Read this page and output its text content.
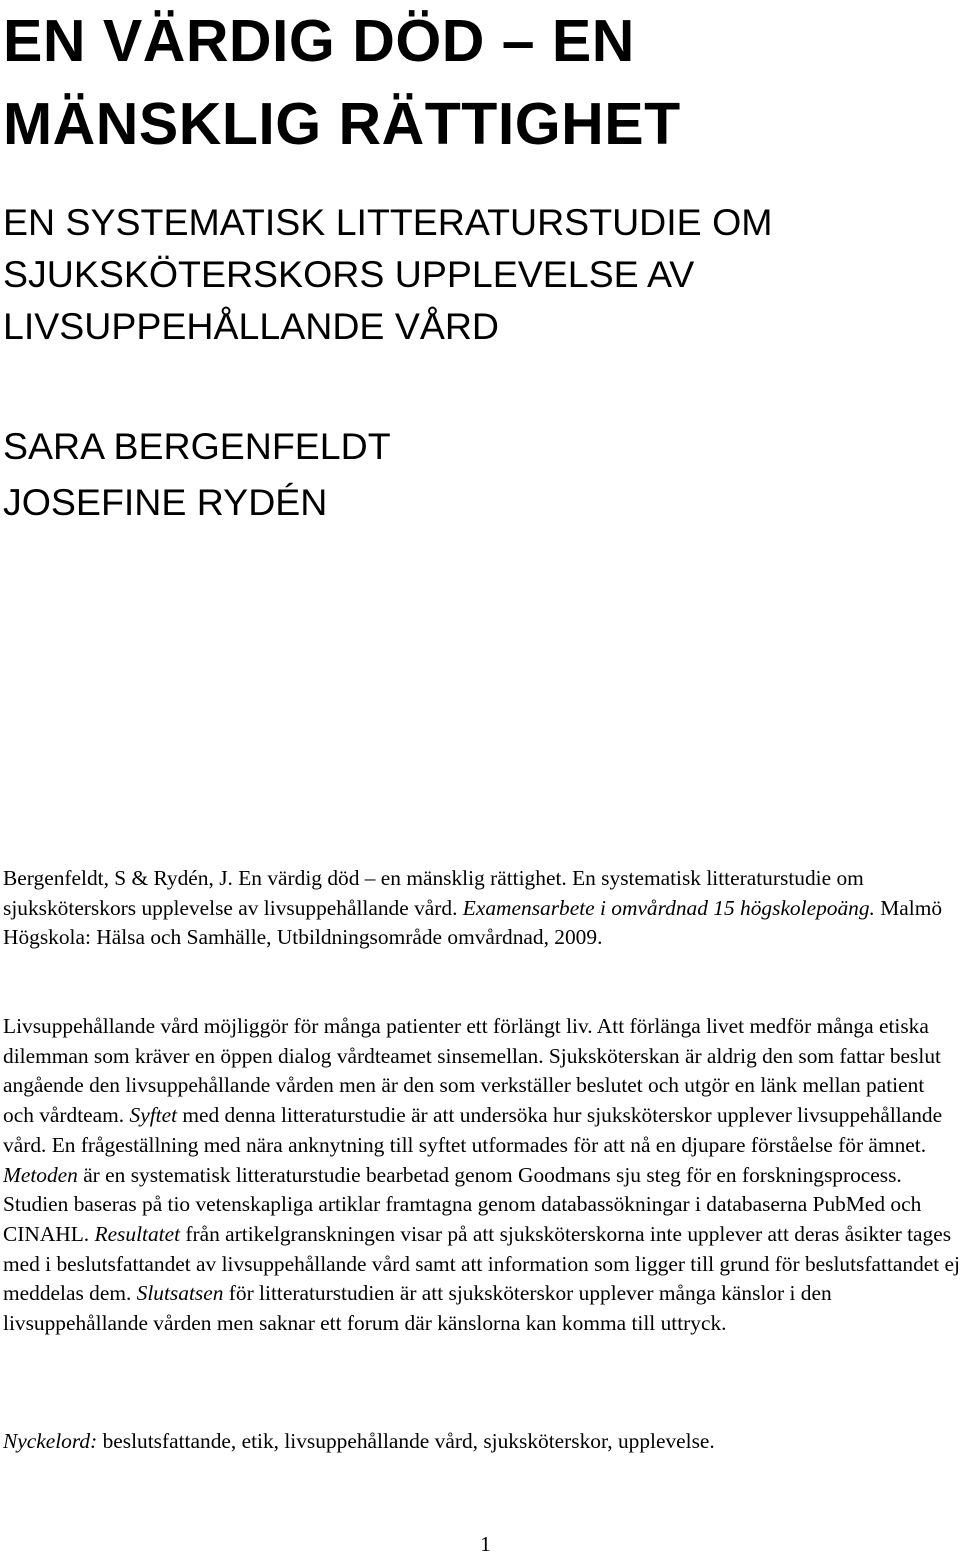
EN VÄRDIG DÖD – EN MÄNSKLIG RÄTTIGHET
EN SYSTEMATISK LITTERATURSTUDIE OM SJUKSKÖTERSKORS UPPLEVELSE AV LIVSUPPEHÅLLANDE VÅRD
SARA BERGENFELDT
JOSEFINE RYDÉN

Bergenfeldt, S & Rydén, J. En värdig död – en mänsklig rättighet. En systematisk litteraturstudie om sjuksköterskors upplevelse av livsuppehållande vård. Examensarbete i omvårdnad 15 högskolepoäng. Malmö Högskola: Hälsa och Samhälle, Utbildningsområde omvårdnad, 2009.

Livsuppehållande vård möjliggör för många patienter ett förlängt liv. Att förlänga livet medför många etiska dilemman som kräver en öppen dialog vårdteamet sinsemellan. Sjuksköterskan är aldrig den som fattar beslut angående den livsuppehållande vården men är den som verkställer beslutet och utgör en länk mellan patient och vårdteam. Syftet med denna litteraturstudie är att undersöka hur sjuksköterskor upplever livsuppehållande vård. En frågeställning med nära anknytning till syftet utformades för att nå en djupare förståelse för ämnet. Metoden är en systematisk litteraturstudie bearbetad genom Goodmans sju steg för en forskningsprocess. Studien baseras på tio vetenskapliga artiklar framtagna genom databassökningar i databaserna PubMed och CINAHL. Resultatet från artikelgranskningen visar på att sjuksköterskorna inte upplever att deras åsikter tages med i beslutsfattandet av livsuppehållande vård samt att information som ligger till grund för beslutsfattandet ej meddelas dem. Slutsatsen för litteraturstudien är att sjuksköterskor upplever många känslor i den livsuppehållande vården men saknar ett forum där känslorna kan komma till uttryck.

Nyckelord: beslutsfattande, etik, livsuppehållande vård, sjuksköterskor, upplevelse.

1
